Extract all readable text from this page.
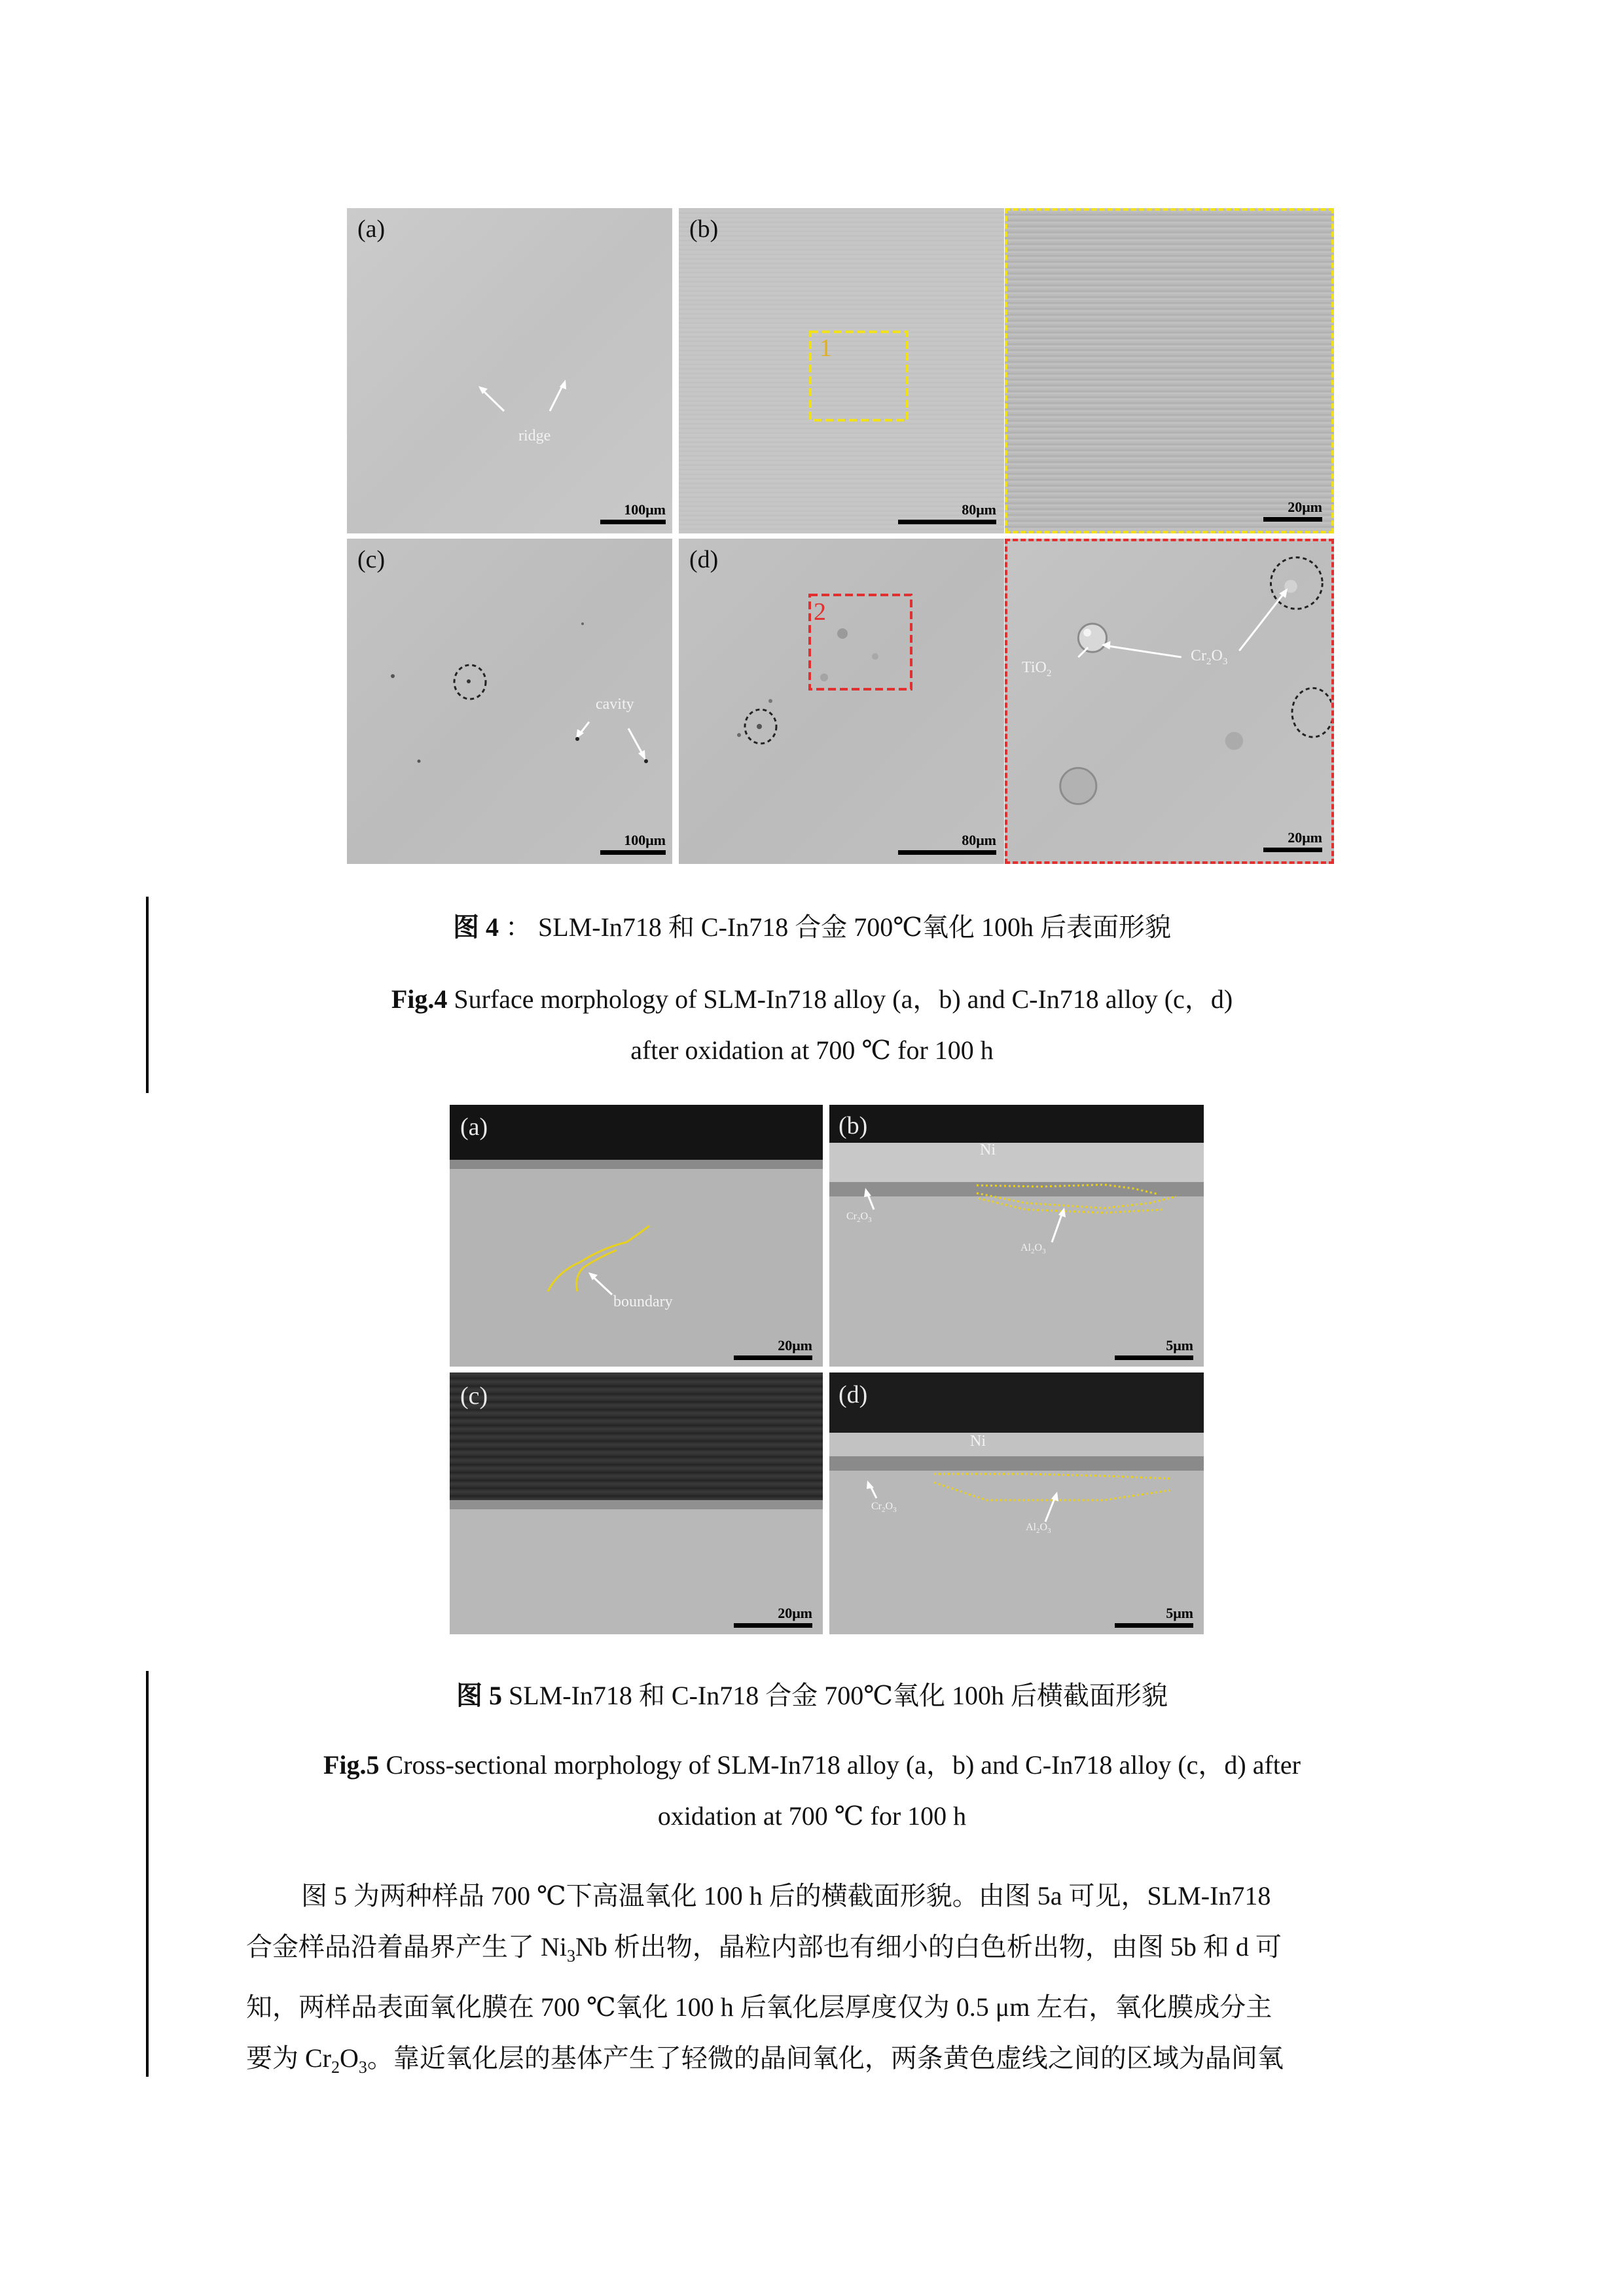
(a)
ridge
100μm
(b)
1
80μm	20μm
(c)
cavity
100μm
(d)
2
80μm
TiO$_2$
$Cr_2O_3$
20μm
图 4 ： SLM-In718 和 C-In718 合金 700℃氧化 100h 后表面形貌
Fig.4 Surface morphology of SLM-In718 alloy (a，b) and C-In718 alloy (c，d)
after oxidation at 700 ℃ for 100 h
(a)
boundary
20μm
(b)
Ni
$Cr_2O_3$
$Al_2O_3$
5μm
(c)
20μm
(d)
Ni
$Cr_2O_3$
$Al_2O_3$
5μm
图 5 SLM-In718 和 C-In718 合金 700℃氧化 100h 后横截面形貌
Fig.5 Cross-sectional morphology of SLM-In718 alloy (a，b) and C-In718 alloy (c，d) after
oxidation at 700 ℃ for 100 h
图 5 为两种样品 700 ℃下高温氧化 100 h 后的横截面形貌。由图 5a 可见，SLM-In718
合金样品沿着晶界产生了 $Ni_3Nb$ 析出物，晶粒内部也有细小的白色析出物，由图 5b 和 d 可
知，两样品表面氧化膜在 700 ℃氧化 100 h 后氧化层厚度仅为 0.5 μm 左右，氧化膜成分主
要为 $Cr_2O_3$。靠近氧化层的基体产生了轻微的晶间氧化，两条黄色虚线之间的区域为晶间氧
